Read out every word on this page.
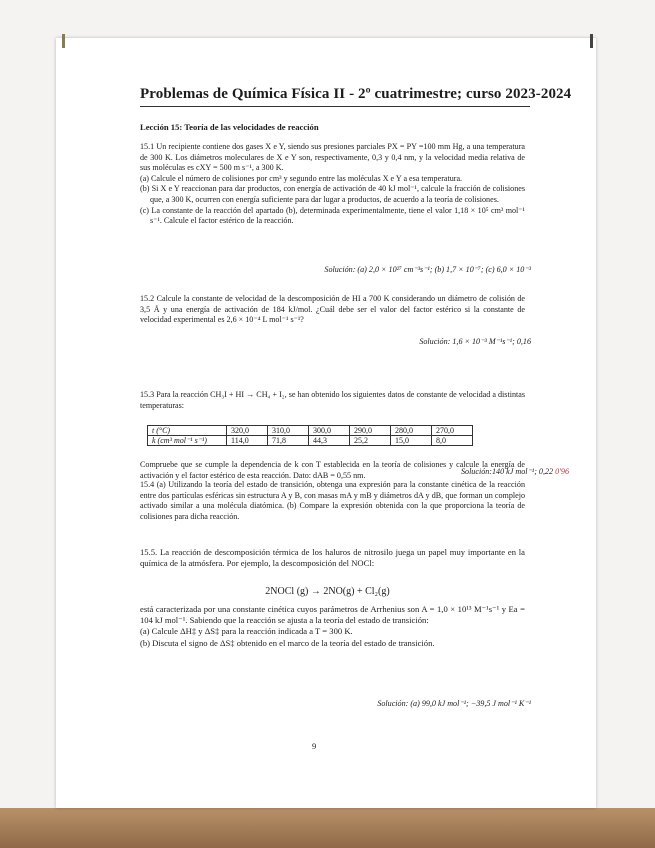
Problemas de Química Física II - 2º cuatrimestre; curso 2023-2024
Lección 15: Teoría de las velocidades de reacción

15.1 Un recipiente contiene dos gases X e Y, siendo sus presiones parciales PX = PY =100 mm Hg, a una temperatura de 300 K. Los diámetros moleculares de X e Y son, respectivamente, 0,3 y 0,4 nm, y la velocidad media relativa de sus moléculas es cXY = 500 m s⁻¹, a 300 K.

(a) Calcule el número de colisiones por cm³ y segundo entre las moléculas X e Y a esa temperatura.

(b) Si X e Y reaccionan para dar productos, con energía de activación de 40 kJ mol⁻¹, calcule la fracción de colisiones que, a 300 K, ocurren con energía suficiente para dar lugar a productos, de acuerdo a la teoría de colisiones.

(c) La constante de la reacción del apartado (b), determinada experimentalmente, tiene el valor 1,18 × 10⁵ cm³ mol⁻¹ s⁻¹. Calcule el factor estérico de la reacción.

Solución: (a) 2,0 × 10²⁷ cm⁻³s⁻¹; (b) 1,7 × 10⁻⁷; (c) 6,0 × 10⁻³

15.2 Calcule la constante de velocidad de la descomposición de HI a 700 K considerando un diámetro de colisión de 3,5 Å y una energía de activación de 184 kJ/mol. ¿Cuál debe ser el valor del factor estérico si la constante de velocidad experimental es 2,6 × 10⁻⁴ L mol⁻¹ s⁻¹?

Solución: 1,6 × 10⁻³ M⁻¹s⁻¹; 0,16

15.3 Para la reacción CH₃I + HI → CH₄ + I₂, se han obtenido los siguientes datos de constante de velocidad a distintas temperaturas:

t (°C)	320,0	310,0	300,0	290,0	280,0	270,0
k (cm³ mol⁻¹ s⁻¹)	114,0	71,8	44,3	25,2	15,0	8,0

Compruebe que se cumple la dependencia de k con T establecida en la teoría de colisiones y calcule la energía de activación y el factor estérico de esta reacción. Dato: dAB = 0,55 nm.	Solución:140 kJ mol⁻¹; 0,22 0'96

15.4 (a) Utilizando la teoría del estado de transición, obtenga una expresión para la constante cinética de la reacción entre dos partículas esféricas sin estructura A y B, con masas mA y mB y diámetros dA y dB, que forman un complejo activado similar a una molécula diatómica. (b) Compare la expresión obtenida con la que proporciona la teoría de colisiones para dicha reacción.

15.5. La reacción de descomposición térmica de los haluros de nitrosilo juega un papel muy importante en la química de la atmósfera. Por ejemplo, la descomposición del NOCl:

2NOCl (g) → 2NO(g) + Cl₂(g)

está caracterizada por una constante cinética cuyos parámetros de Arrhenius son A = 1,0 × 10¹³ M⁻¹s⁻¹ y Ea = 104 kJ mol⁻¹. Sabiendo que la reacción se ajusta a la teoría del estado de transición:

(a) Calcule ΔH‡ y ΔS‡ para la reacción indicada a T = 300 K.

(b) Discuta el signo de ΔS‡ obtenido en el marco de la teoría del estado de transición.

Solución: (a) 99,0 kJ mol⁻¹; −39,5 J mol⁻¹ K⁻¹
9
